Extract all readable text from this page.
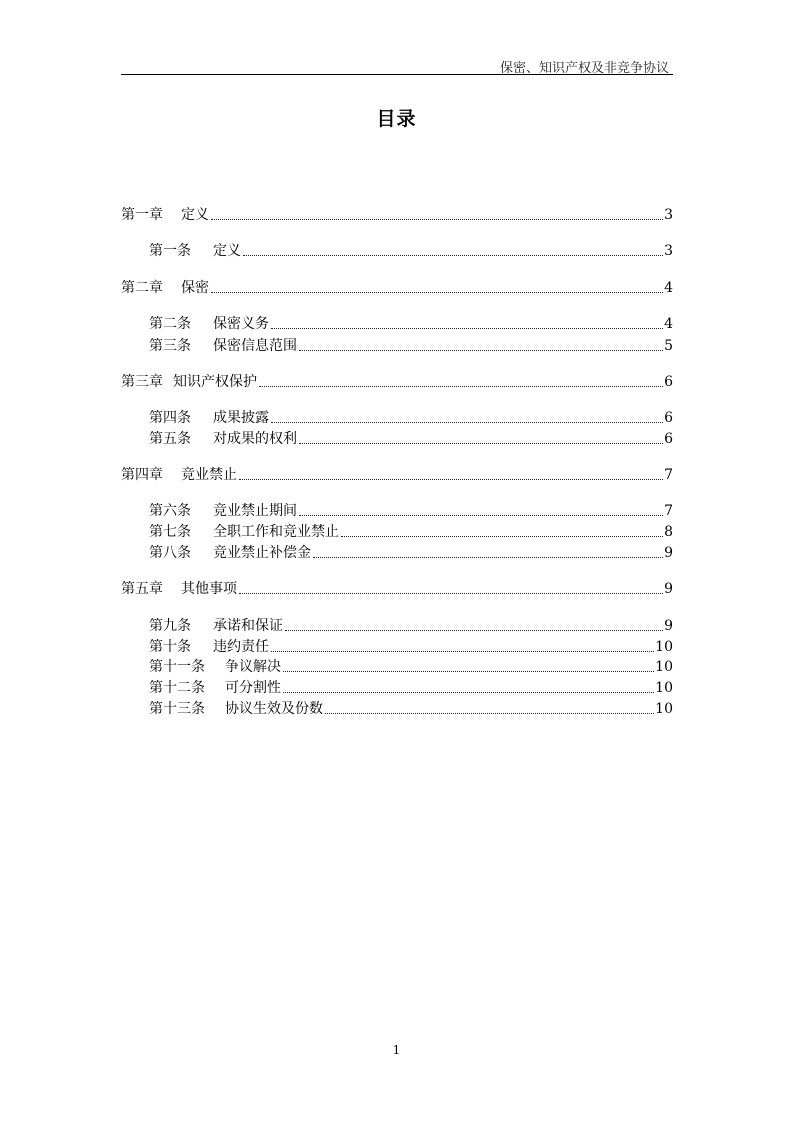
保密、知识产权及非竞争协议
目录
第一章 定义	3
第一条 定义	3
第二章 保密	4
第二条 保密义务	4
第三条 保密信息范围	5
第三章 知识产权保护	6
第四条 成果披露	6
第五条 对成果的权利	6
第四章 竞业禁止	7
第六条 竞业禁止期间	7
第七条 全职工作和竞业禁止	8
第八条 竞业禁止补偿金	9
第五章 其他事项	9
第九条 承诺和保证	9
第十条 违约责任	10
第十一条 争议解决	10
第十二条 可分割性	10
第十三条 协议生效及份数	10
1
